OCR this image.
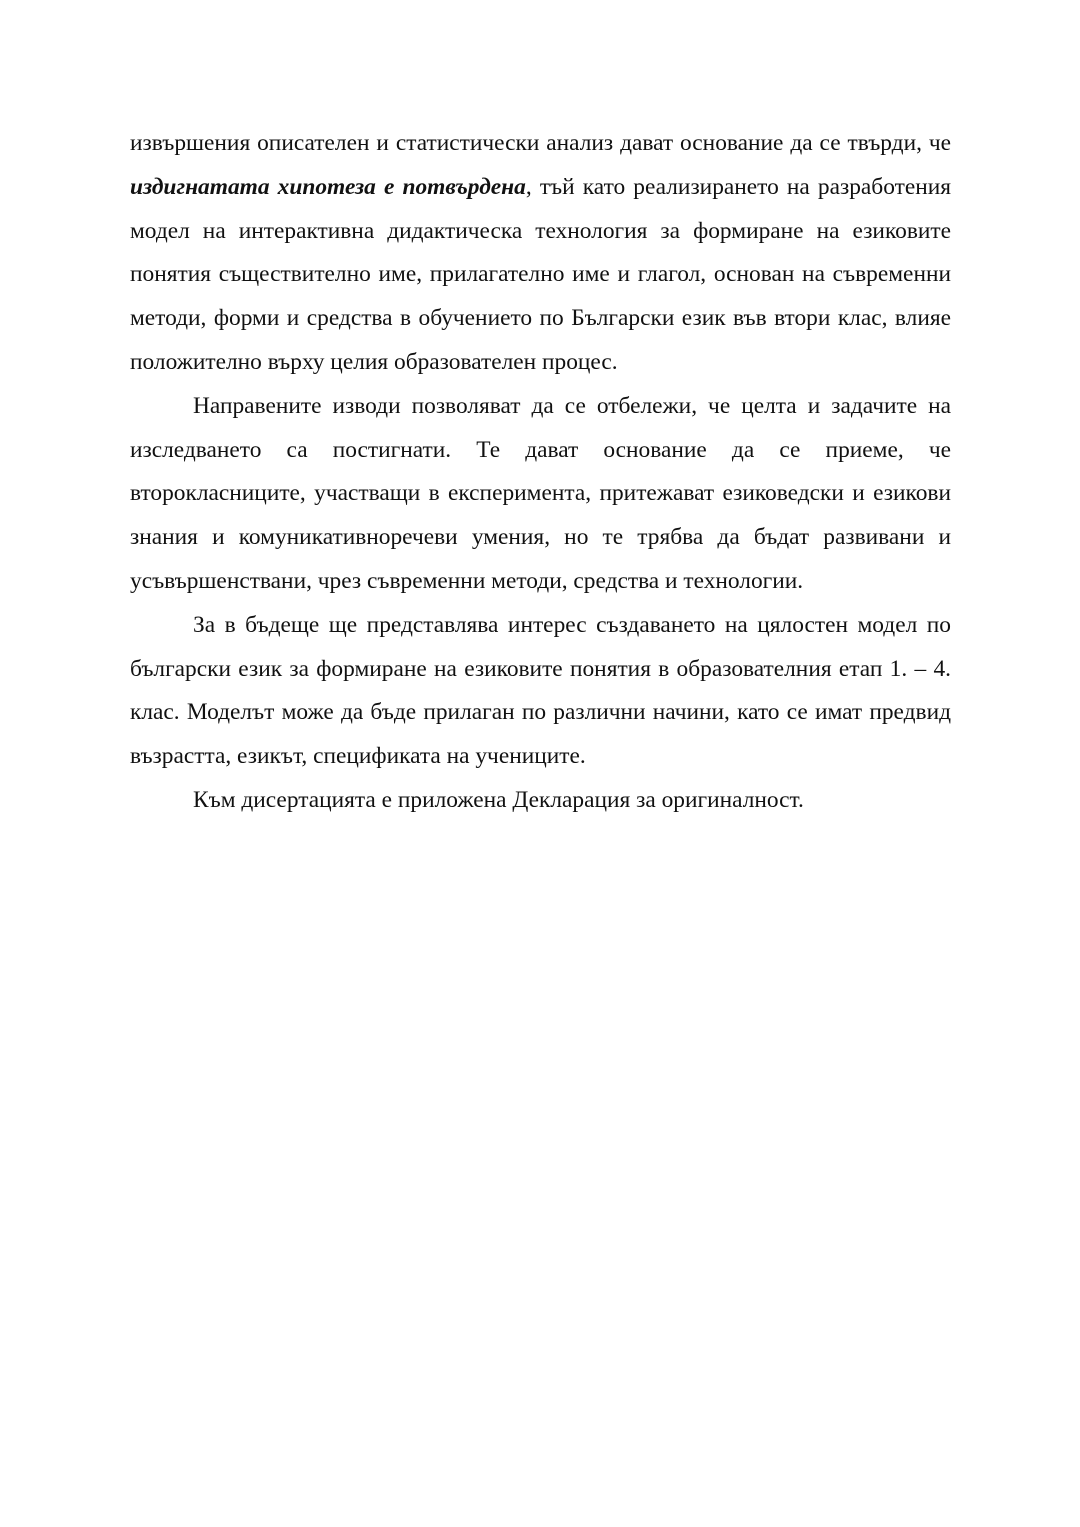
извършения описателен и статистически анализ дават основание да се твърди, че издигнатата хипотеза е потвърдена, тъй като реализирането на разработения модел на интерактивна дидактическа технология за формиране на езиковите понятия съществително име, прилагателно име и глагол, основан на съвременни методи, форми и средства в обучението по Български език във втори клас, влияе положително върху целия образователен процес.

Направените изводи позволяват да се отбележи, че целта и задачите на изследването са постигнати. Те дават основание да се приеме, че второкласниците, участващи в експеримента, притежават езиковедски и езикови знания и комуникативноречеви умения, но те трябва да бъдат развивани и усъвършенствани, чрез съвременни методи, средства и технологии.

За в бъдеще ще представлява интерес създаването на цялостен модел по български език за формиране на езиковите понятия в образователния етап 1. – 4. клас. Моделът може да бъде прилаган по различни начини, като се имат предвид възрастта, езикът, спецификата на учениците.

Към дисертацията е приложена Декларация за оригиналност.
